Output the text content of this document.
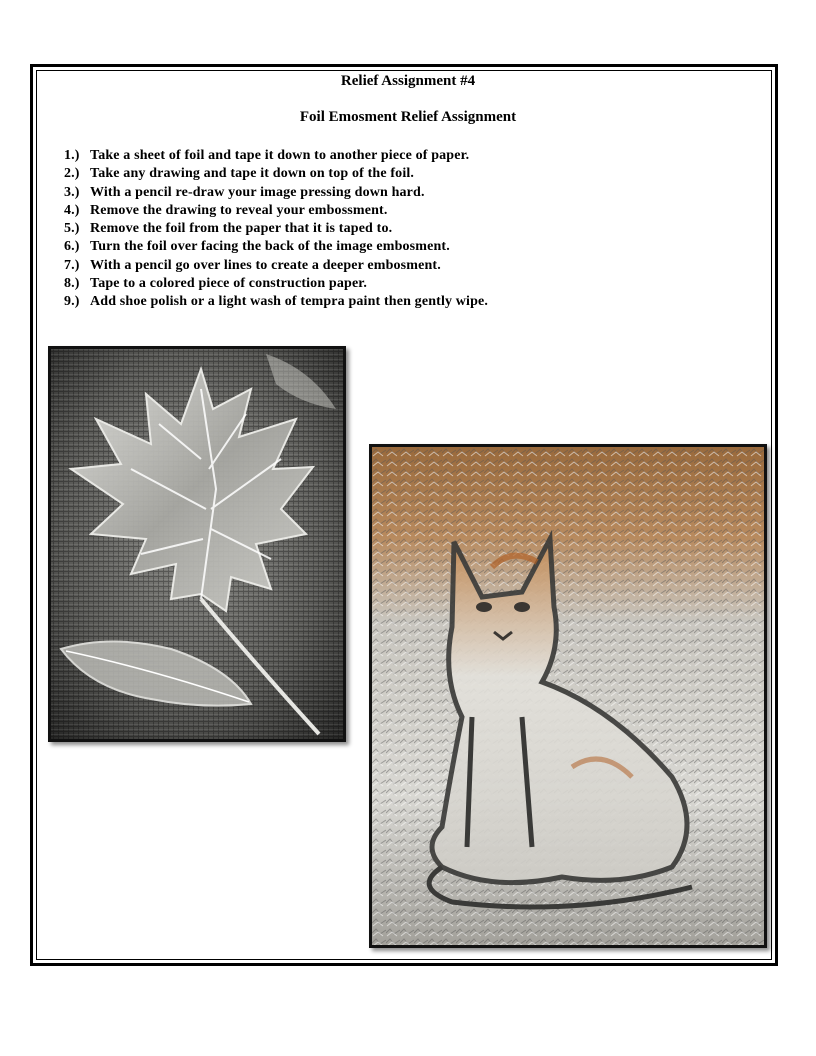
Relief Assignment #4
Foil Emosment Relief Assignment
1.) Take a sheet of foil and tape it down to another piece of paper.
2.) Take any drawing and tape it down on top of the foil.
3.) With a pencil re-draw your image pressing down hard.
4.) Remove the drawing to reveal your embossment.
5.) Remove the foil from the paper that it is taped to.
6.) Turn the foil over facing the back of the image embosment.
7.) With a pencil go over lines to create a deeper embosment.
8.) Tape to a colored piece of construction paper.
9.) Add shoe polish or a light wash of tempra paint then gently wipe.
